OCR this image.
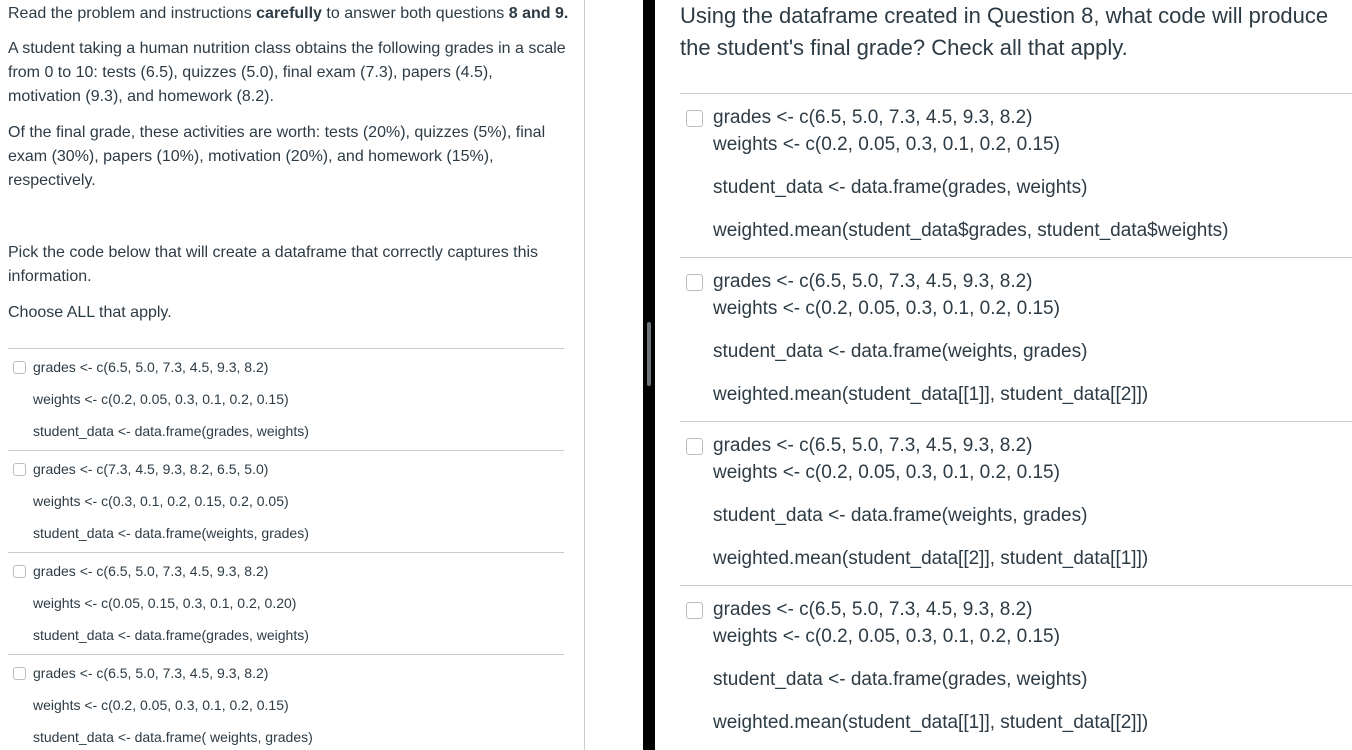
Read the problem and instructions carefully to answer both questions 8 and 9.

A student taking a human nutrition class obtains the following grades in a scale from 0 to 10: tests (6.5), quizzes (5.0), final exam (7.3), papers (4.5), motivation (9.3), and homework (8.2).

Of the final grade, these activities are worth: tests (20%), quizzes (5%), final exam (30%), papers (10%), motivation (20%), and homework (15%), respectively.

Pick the code below that will create a dataframe that correctly captures this information.

Choose ALL that apply.

grades <- c(6.5, 5.0, 7.3, 4.5, 9.3, 8.2)
weights <- c(0.2, 0.05, 0.3, 0.1, 0.2, 0.15)
student_data <- data.frame(grades, weights)
grades <- c(7.3, 4.5, 9.3, 8.2, 6.5, 5.0)
weights <- c(0.3, 0.1, 0.2, 0.15, 0.2, 0.05)
student_data <- data.frame(weights, grades)
grades <- c(6.5, 5.0, 7.3, 4.5, 9.3, 8.2)
weights <- c(0.05, 0.15, 0.3, 0.1, 0.2, 0.20)
student_data <- data.frame(grades, weights)
grades <- c(6.5, 5.0, 7.3, 4.5, 9.3, 8.2)
weights <- c(0.2, 0.05, 0.3, 0.1, 0.2, 0.15)
student_data <- data.frame( weights, grades)
Using the dataframe created in Question 8, what code will produce the student's final grade? Check all that apply.
grades <- c(6.5, 5.0, 7.3, 4.5, 9.3, 8.2)
weights <- c(0.2, 0.05, 0.3, 0.1, 0.2, 0.15)
student_data <- data.frame(grades, weights)
weighted.mean(student_data$grades, student_data$weights)
grades <- c(6.5, 5.0, 7.3, 4.5, 9.3, 8.2)
weights <- c(0.2, 0.05, 0.3, 0.1, 0.2, 0.15)
student_data <- data.frame(weights, grades)
weighted.mean(student_data[[1]], student_data[[2]])
grades <- c(6.5, 5.0, 7.3, 4.5, 9.3, 8.2)
weights <- c(0.2, 0.05, 0.3, 0.1, 0.2, 0.15)
student_data <- data.frame(weights, grades)
weighted.mean(student_data[[2]], student_data[[1]])
grades <- c(6.5, 5.0, 7.3, 4.5, 9.3, 8.2)
weights <- c(0.2, 0.05, 0.3, 0.1, 0.2, 0.15)
student_data <- data.frame(grades, weights)
weighted.mean(student_data[[1]], student_data[[2]])
